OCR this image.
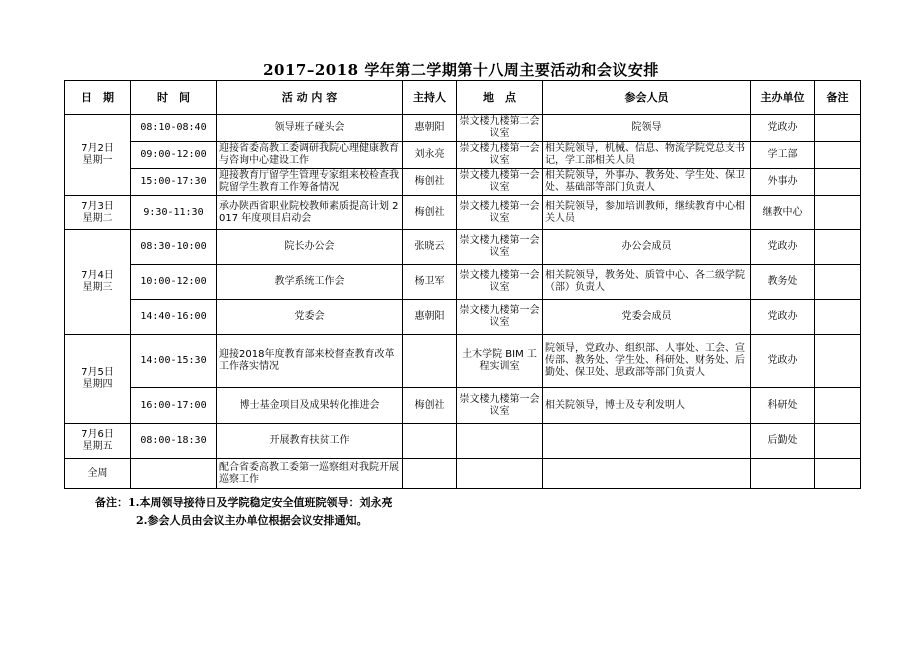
2017–2018 学年第二学期第十八周主要活动和会议安排
日　期	时　间	活 动 内 容	主持人	地　点	参会人员	主办单位	备注

7月2日
星期一	08:10-08:40	领导班子碰头会	惠朝阳	崇文楼九楼第二会议室	院领导	党政办	
	09:00-12:00	迎接省委高教工委调研我院心理健康教育与咨询中心建设工作	刘永亮	崇文楼九楼第一会议室	相关院领导，机械、信息、物流学院党总支书记，学工部相关人员	学工部	
	15:00-17:30	迎接教育厅留学生管理专家组来校检查我院留学生教育工作筹备情况	梅创社	崇文楼九楼第一会议室	相关院领导，外事办、教务处、学生处、保卫处、基础部等部门负责人	外事办	

7月3日
星期二	9:30-11:30	承办陕西省职业院校教师素质提高计划 2017 年度项目启动会	梅创社	崇文楼九楼第一会议室	相关院领导，参加培训教师，继续教育中心相关人员	继教中心	

7月4日
星期三	08:30-10:00	院长办公会	张晓云	崇文楼九楼第一会议室	办公会成员	党政办	
	10:00-12:00	教学系统工作会	杨卫军	崇文楼九楼第一会议室	相关院领导，教务处、质管中心、各二级学院（部）负责人	教务处	
	14:40-16:00	党委会	惠朝阳	崇文楼九楼第一会议室	党委会成员	党政办	

7月5日
星期四	14:00-15:30	迎接2018年度教育部来校督查教育改革工作落实情况		土木学院 BIM 工程实训室	院领导，党政办、组织部、人事处、工会、宣传部、教务处、学生处、科研处、财务处、后勤处、保卫处、思政部等部门负责人	党政办	
	16:00-17:00	博士基金项目及成果转化推进会	梅创社	崇文楼九楼第一会议室	相关院领导，博士及专利发明人	科研处	

7月6日
星期五	08:00-18:30	开展教育扶贫工作				后勤处	

全周		配合省委高教工委第一巡察组对我院开展巡察工作					
备注：1.本周领导接待日及学院稳定安全值班院领导：刘永亮
2.参会人员由会议主办单位根据会议安排通知。
